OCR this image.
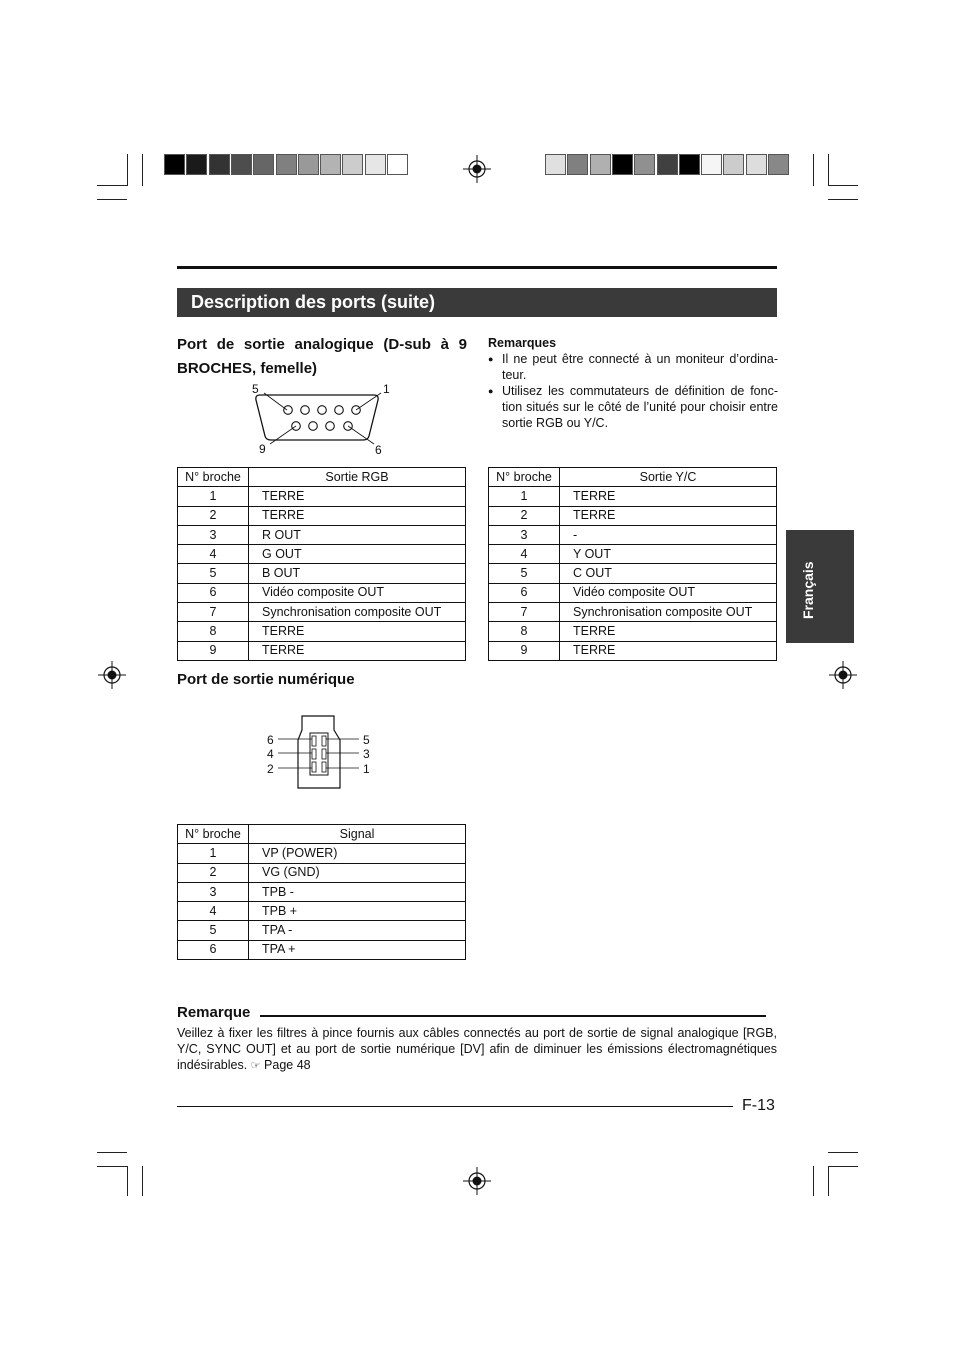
Description des ports (suite)
Port de sortie analogique (D-sub à 9 BROCHES, femelle)
5	1
9	6
Remarques
● Il ne peut être connecté à un moniteur d’ordina-teur.
● Utilisez les commutateurs de définition de fonc-tion situés sur le côté de l’unité pour choisir entre sortie RGB ou Y/C.
N° broche	Sortie RGB
1	TERRE
2	TERRE
3	R OUT
4	G OUT
5	B OUT
6	Vidéo composite OUT
7	Synchronisation composite OUT
8	TERRE
9	TERRE
N° broche	Sortie Y/C
1	TERRE
2	TERRE
3	-
4	Y OUT
5	C OUT
6	Vidéo composite OUT
7	Synchronisation composite OUT
8	TERRE
9	TERRE
Français
Port de sortie numérique
6
4
2
5
3
1
N° broche	Signal
1	VP (POWER)
2	VG (GND)
3	TPB -
4	TPB +
5	TPA -
6	TPA +
Remarque
Veillez à fixer les filtres à pince fournis aux câbles connectés au port de sortie de signal analogique [RGB, Y/C, SYNC OUT] et au port de sortie numérique [DV] afin de diminuer les émissions électromagnétiques indésirables. ☞ Page 48
F-13
